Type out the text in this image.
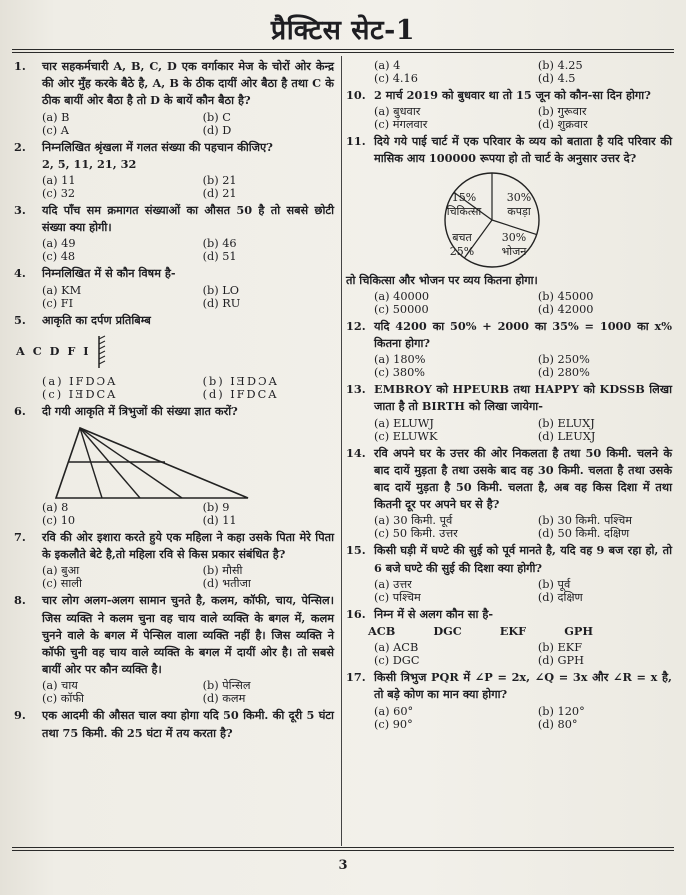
प्रैक्टिस सेट-1
1. चार सहकर्मचारी A, B, C, D एक वर्गाकार मेज के चोरों ओर केन्द्र की ओर मुँह करके बैठे है, A, B के ठीक दायीं ओर बैठा है तथा C के ठीक बायीं ओर बैठा है तो D के बायें कौन बैठा है?
(a) B	(b) C
(c) A	(d) D
2. निम्नलिखित श्रृंखला में गलत संख्या की पहचान कीजिए?
2, 5, 11, 21, 32
(a) 11	(b) 21
(c) 32	(d) 21
3. यदि पाँच सम क्रमागत संख्याओं का औसत 50 है तो सबसे छोटी संख्या क्या होगी।
(a) 49	(b) 46
(c) 48	(d) 51
4. निम्नलिखित में से कौन विषम है-
(a) KM	(b) LO
(c) FI	(d) RU
5. आकृति का दर्पण प्रतिबिम्ब
A C D F I
(a) IFDƆA	(b) IƎDƆA
(c) IƎDCA	(d) IFDCA
6. दी गयी आकृति में त्रिभुजों की संख्या ज्ञात करों?
(a) 8	(b) 9
(c) 10	(d) 11
7. रवि की ओर इशारा करते हुये एक महिला ने कहा उसके पिता मेरे पिता के इकलौते बेटे है,तो महिला रवि से किस प्रकार संबंधित है?
(a) बुआ	(b) मौसी
(c) साली	(d) भतीजा
8. चार लोग अलग-अलग सामान चुनते है, कलम, कॉफी, चाय, पेन्सिल। जिस व्यक्ति ने कलम चुना वह चाय वाले व्यक्ति के बगल में, कलम चुनने वाले के बगल में पेन्सिल वाला व्यक्ति नहीं है। जिस व्यक्ति ने कॉफी चुनी वह चाय वाले व्यक्ति के बगल में दायीं ओर है। तो सबसे बायीं ओर पर कौन व्यक्ति है।
(a) चाय	(b) पेन्सिल
(c) कॉफी	(d) कलम
9. एक आदमी की औसत चाल क्या होगा यदि 50 किमी. की दूरी 5 घंटा तथा 75 किमी. की 25 घंटा में तय करता है?
(a) 4	(b) 4.25
(c) 4.16	(d) 4.5
10. 2 मार्च 2019 को बुधवार था तो 15 जून को कौन-सा दिन होगा?
(a) बुधवार	(b) गुरूवार
(c) मंगलवार	(d) शुक्रवार
11. दिये गये पाई चार्ट में एक परिवार के व्यय को बताता है यदि परिवार की मासिक आय 100000 रूपया हो तो चार्ट के अनुसार उत्तर दे?
15%
चिकित्सा
30%
कपड़ा
30%
भोजन
बचत
25%
तो चिकित्सा और भोजन पर व्यय कितना होगा।
(a) 40000	(b) 45000
(c) 50000	(d) 42000
12. यदि 4200 का 50% + 2000 का 35% = 1000 का x% कितना होगा?
(a) 180%	(b) 250%
(c) 380%	(d) 280%
13. EMBROY को HPEURB तथा HAPPY को KDSSB लिखा जाता है तो BIRTH को लिखा जायेगा-
(a) ELUWJ	(b) ELUXJ
(c) ELUWK	(d) LEUXJ
14. रवि अपने घर के उत्तर की ओर निकलता है तथा 50 किमी. चलने के बाद दायें मुड़ता है तथा उसके बाद वह 30 किमी. चलता है तथा उसके बाद दायें मुड़ता है 50 किमी. चलता है, अब वह किस दिशा में तथा कितनी दूर पर अपने घर से है?
(a) 30 किमी. पूर्व	(b) 30 किमी. पश्चिम
(c) 50 किमी. उत्तर	(d) 50 किमी. दक्षिण
15. किसी घड़ी में घण्टे की सुई को पूर्व मानते है, यदि वह 9 बज रहा हो, तो 6 बजे घण्टे की सुई की दिशा क्या होगी?
(a) उत्तर	(b) पूर्व
(c) पश्चिम	(d) दक्षिण
16. निम्न में से अलग कौन सा है-
ACB	DGC	EKF	GPH
(a) ACB	(b) EKF
(c) DGC	(d) GPH
17. किसी त्रिभुज PQR में ∠P = 2x, ∠Q = 3x और ∠R = x है, तो बड़े कोण का मान क्या होगा?
(a) 60°	(b) 120°
(c) 90°	(d) 80°
3
